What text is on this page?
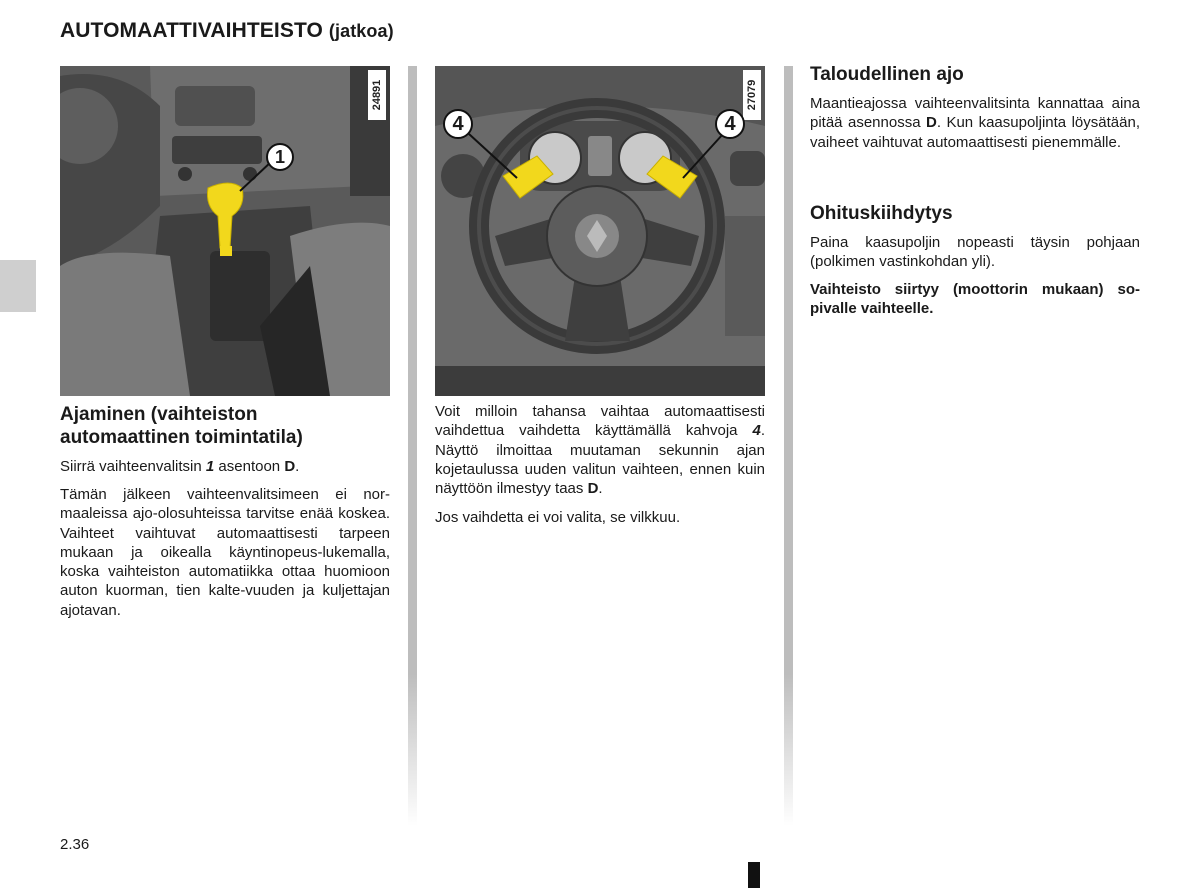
AUTOMAATTIVAIHTEISTO (jatkoa)
24891
1
27079
4	4
Ajaminen (vaihteiston automaattinen toimintatila)

Siirrä vaihteenvalitsin 1 asentoon D.

Tämän jälkeen vaihteenvalitsimeen ei nor-maaleissa ajo-olosuhteissa tarvitse enää koskea. Vaihteet vaihtuvat automaattisesti tarpeen mukaan ja oikealla käyntinopeus-lukemalla, koska vaihteiston automatiikka ottaa huomioon auton kuorman, tien kalte-vuuden ja kuljettajan ajotavan.

Voit milloin tahansa vaihtaa automaattisesti vaihdettua vaihdetta käyttämällä kahvoja 4. Näyttö ilmoittaa muutaman sekunnin ajan kojetaulussa uuden valitun vaihteen, ennen kuin näyttöön ilmestyy taas D.

Jos vaihdetta ei voi valita, se vilkkuu.

Taloudellinen ajo

Maantieajossa vaihteenvalitsinta kannattaa aina pitää asennossa D. Kun kaasupoljinta löysätään, vaiheet vaihtuvat automaattisesti pienemmälle.

Ohituskiihdytys

Paina kaasupoljin nopeasti täysin pohjaan (polkimen vastinkohdan yli).

Vaihteisto siirtyy (moottorin mukaan) so-pivalle vaihteelle.

2.36
